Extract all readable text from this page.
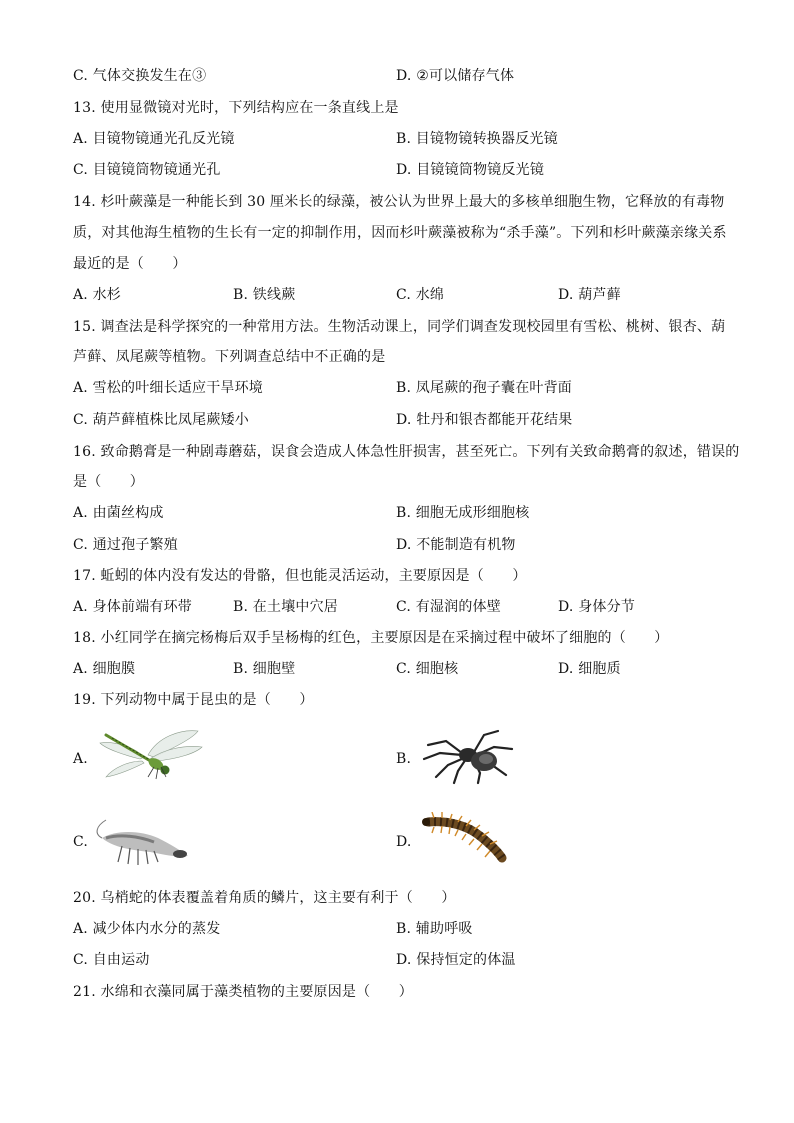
C. 气体交换发生在③	D. ②可以储存气体
13. 使用显微镜对光时，下列结构应在一条直线上是
A. 目镜物镜通光孔反光镜	B. 目镜物镜转换器反光镜
C. 目镜镜筒物镜通光孔	D. 目镜镜筒物镜反光镜
14. 杉叶蕨藻是一种能长到 30 厘米长的绿藻，被公认为世界上最大的多核单细胞生物，它释放的有毒物
质，对其他海生植物的生长有一定的抑制作用，因而杉叶蕨藻被称为“杀手藻”。下列和杉叶蕨藻亲缘关系
最近的是（　　）
A. 水杉	B. 铁线蕨	C. 水绵	D. 葫芦藓
15. 调查法是科学探究的一种常用方法。生物活动课上，同学们调查发现校园里有雪松、桃树、银杏、葫
芦藓、凤尾蕨等植物。下列调查总结中不正确的是
A. 雪松的叶细长适应干旱环境	B. 凤尾蕨的孢子囊在叶背面
C. 葫芦藓植株比凤尾蕨矮小	D. 牡丹和银杏都能开花结果
16. 致命鹅膏是一种剧毒蘑菇，误食会造成人体急性肝损害，甚至死亡。下列有关致命鹅膏的叙述，错误的
是（　　）
A. 由菌丝构成	B. 细胞无成形细胞核
C. 通过孢子繁殖	D. 不能制造有机物
17. 蚯蚓的体内没有发达的骨骼，但也能灵活运动，主要原因是（　　）
A. 身体前端有环带	B. 在土壤中穴居	C. 有湿润的体壁	D. 身体分节
18. 小红同学在摘完杨梅后双手呈杨梅的红色，主要原因是在采摘过程中破坏了细胞的（　　）
A. 细胞膜	B. 细胞壁	C. 细胞核	D. 细胞质
19. 下列动物中属于昆虫的是（　　）
A.	B.
C.	D.
20. 乌梢蛇的体表覆盖着角质的鳞片，这主要有利于（　　）
A. 减少体内水分的蒸发	B. 辅助呼吸
C. 自由运动	D. 保持恒定的体温
21. 水绵和衣藻同属于藻类植物的主要原因是（　　）
